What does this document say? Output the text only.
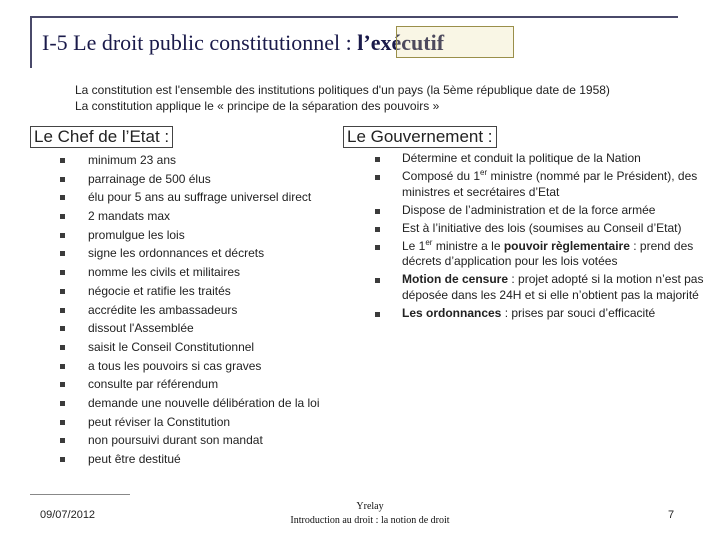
I-5 Le droit public constitutionnel : l’exécutif
La constitution est l'ensemble des institutions politiques d'un pays (la 5ème république date de 1958)
La constitution applique le « principe de la séparation des pouvoirs »
Le Chef de l’Etat :	Le Gouvernement :
minimum 23 ans
parrainage de 500 élus
élu pour 5 ans au suffrage universel direct
2 mandats max
promulgue les lois
signe les ordonnances et décrets
nomme les civils et militaires
négocie et ratifie les traités
accrédite les ambassadeurs
dissout l'Assemblée
saisit le Conseil Constitutionnel
a tous les pouvoirs si cas graves
consulte par référendum
demande une nouvelle délibération de la loi
peut réviser la Constitution
non poursuivi durant son mandat
peut être destitué
Détermine et conduit la politique de la Nation
Composé du 1er ministre (nommé par le Président), des ministres et secrétaires d’Etat
Dispose de l’administration et de la force armée
Est à l’initiative des lois (soumises au Conseil d’Etat)
Le 1er ministre a le pouvoir règlementaire : prend des décrets d’application pour les lois votées
Motion de censure : projet adopté si la motion n’est pas déposée dans les 24H et si elle n’obtient pas la majorité
Les ordonnances : prises par souci d’efficacité
09/07/2012
Yrelay
Introduction au droit : la notion de droit	7
